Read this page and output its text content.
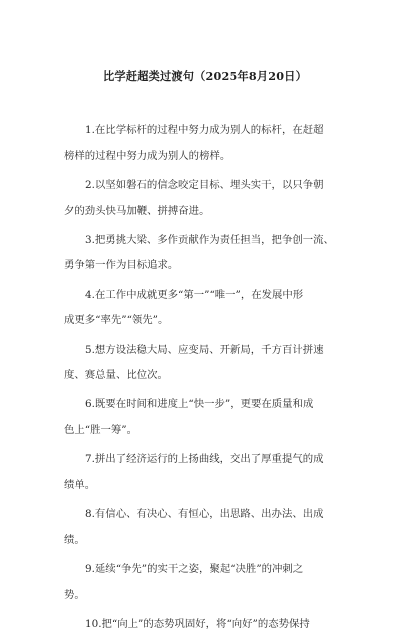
比学赶超类过渡句（2025年8月20日）
1.在比学标杆的过程中努力成为别人的标杆，在赶超
榜样的过程中努力成为别人的榜样。
2.以坚如磐石的信念咬定目标、埋头实干，以只争朝
夕的劲头快马加鞭、拼搏奋进。
3.把勇挑大梁、多作贡献作为责任担当，把争创一流、
勇争第一作为目标追求。
4.在工作中成就更多“第一”“唯一”，在发展中形
成更多“率先”“领先”。
5.想方设法稳大局、应变局、开新局，千方百计拼速
度、赛总量、比位次。
6.既要在时间和进度上“快一步”，更要在质量和成
色上“胜一筹”。
7.拼出了经济运行的上扬曲线，交出了厚重提气的成
绩单。
8.有信心、有决心、有恒心，出思路、出办法、出成
绩。
9.延续“争先”的实干之姿，聚起“决胜”的冲刺之
势。
10.把“向上”的态势巩固好，将“向好”的态势保持
